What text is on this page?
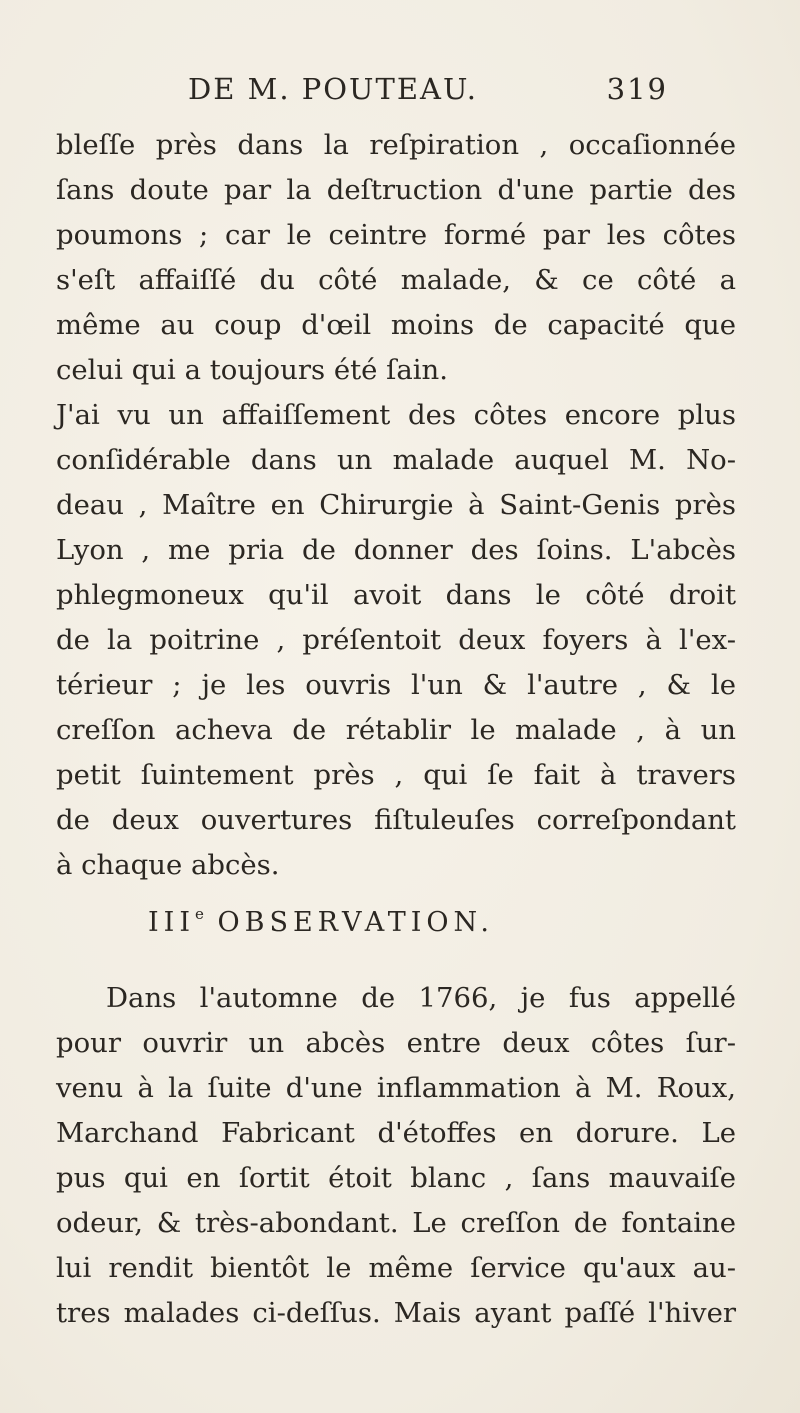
DE M. POUTEAU.	319
bleſſe près dans la reſpiration , occaſionnée
ſans doute par la deſtruction d'une partie des
poumons ; car le ceintre formé par les côtes
s'eſt affaiſſé du côté malade, & ce côté a
même au coup d'œil moins de capacité que
celui qui a toujours été ſain.
IIIe OBSERVATION.
Dans l'automne de 1766, je fus appellé
pour ouvrir un abcès entre deux côtes ſur-
venu à la ſuite d'une inflammation à M. Roux,
Marchand Fabricant d'étoffes en dorure. Le
pus qui en ſortit étoit blanc , ſans mauvaiſe
odeur, & très-abondant. Le creſſon de fontaine
lui rendit bientôt le même ſervice qu'aux au-
tres malades ci-deſſus. Mais ayant paſſé l'hiver
J'ai vu un affaiſſement des côtes encore plus
conſidérable dans un malade auquel M. No-
deau , Maître en Chirurgie à Saint-Genis près
Lyon , me pria de donner des ſoins. L'abcès
phlegmoneux qu'il avoit dans le côté droit
de la poitrine , préſentoit deux foyers à l'ex-
térieur ; je les ouvris l'un & l'autre , & le
creſſon acheva de rétablir le malade , à un
petit ſuintement près , qui ſe fait à travers
de deux ouvertures fiſtuleuſes correſpondant
à chaque abcès.
